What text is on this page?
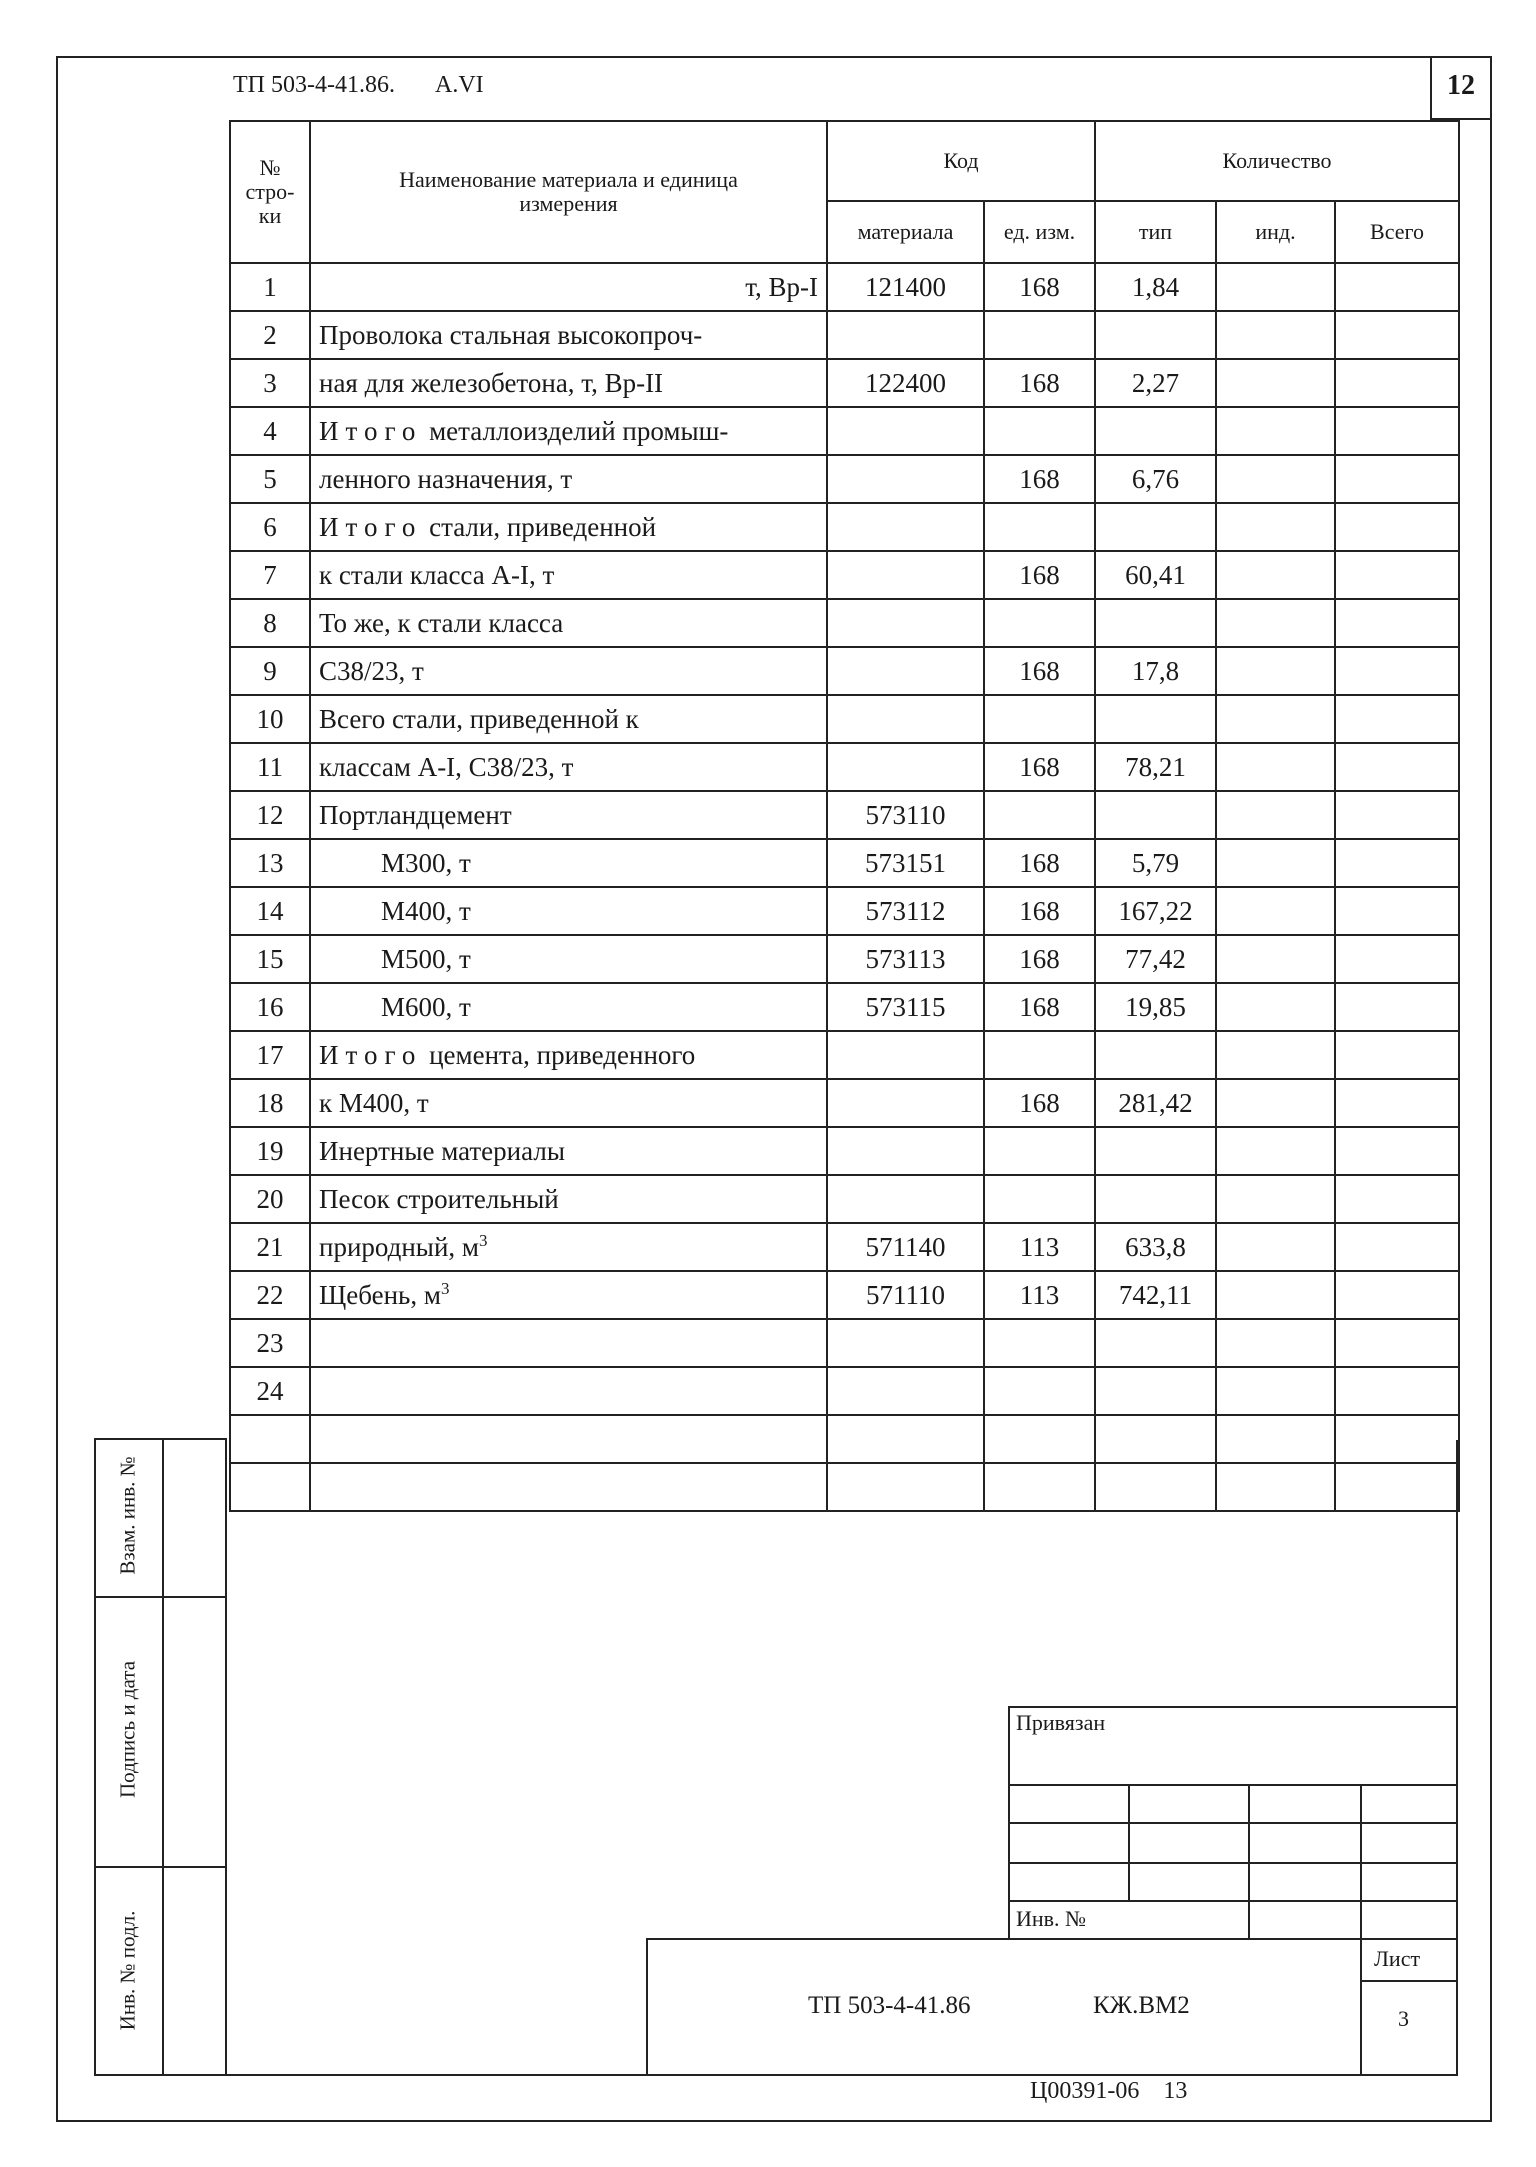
ТП 503-4-41.86. А.VI	12
№ стро-ки	Наименование материала и единица измерения	Код		Количество		
		материала	ед. изм.	тип	инд.	Всего
1	т, Вр-I	121400	168	1,84		
2	Проволока стальная высокопроч-					
3	ная для железобетона, т, Вр-II	122400	168	2,27		
4	Итого металлоизделий промыш-					
5	ленного назначения, т		168	6,76		
6	Итого стали, приведенной					
7	к стали класса А-I, т		168	60,41		
8	То же, к стали класса					
9	С38/23, т		168	17,8		
10	Всего стали, приведенной к					
11	классам А-I, С38/23, т		168	78,21		
12	Портландцемент	573110				
13	М300, т	573151	168	5,79		
14	М400, т	573112	168	167,22		
15	М500, т	573113	168	77,42		
16	М600, т	573115	168	19,85		
17	Итого цемента, приведенного					
18	к М400, т		168	281,42		
19	Инертные материалы					
20	Песок строительный					
21	природный, $м^3$	571140	113	633,8		
22	Щебень, $м^3$	571110	113	742,11		
23						
24						

Взам. инв. №
Подпись и дата
Инв. № подл.
Привязан
Инв. №
ТП 503-4-41.86	КЖ.ВМ2
Лист
3
Ц00391-06 13
